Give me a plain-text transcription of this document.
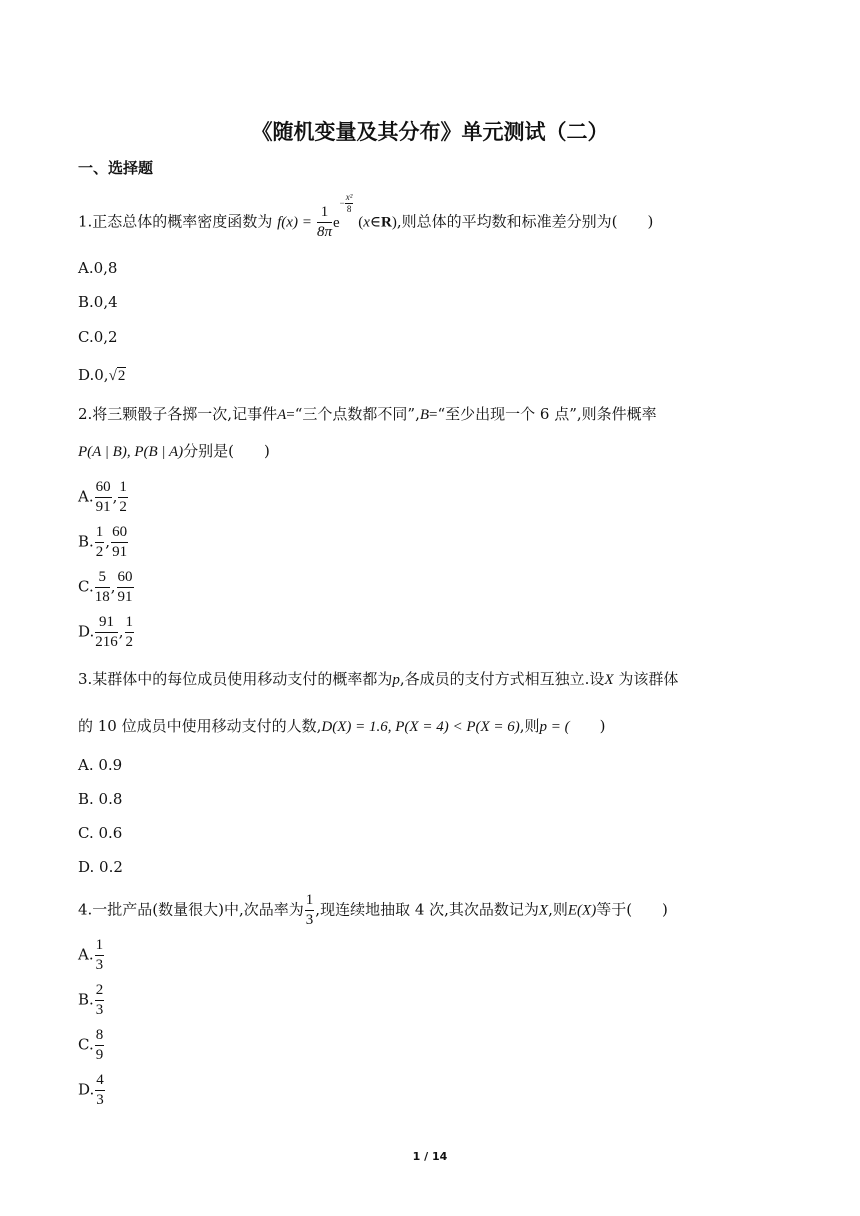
《随机变量及其分布》单元测试（二）
一、选择题
1.正态总体的概率密度函数为 $f(x) = \frac{1}{8\pi} e- \frac{\text{x²}}{8}$
(x∈R),则总体的平均数和标准差分别为(　　)
A.0,8
B.0,4
C.0,2
D.0,√2
2.将三颗骰子各掷一次,记事件A=“三个点数都不同”,B=“至少出现一个 6 点”,则条件概率
P(A | B), P(B | A)分别是(　　)
A. $\frac{60}{91}$ , $\frac{1}{2}$
B. $\frac{1}{2}$ , $\frac{60}{91}$
C. $\frac{5}{18}$ , $\frac{60}{91}$
D. $\frac{91}{216}$ , $\frac{1}{2}$
3.某群体中的每位成员使用移动支付的概率都为p,各成员的支付方式相互独立.设X 为该群体
的 10 位成员中使用移动支付的人数,D(X) = 1.6, P(X = 4) < P(X = 6),则p = (　　)
A. 0.9
B. 0.8
C. 0.6
D. 0.2
4.一批产品(数量很大)中,次品率为 $\frac{1}{3}$ ,现连续地抽取 4 次,其次品数记为X,则E(X)等于(　　)
A. $\frac{1}{3}$
B. $\frac{2}{3}$
C. $\frac{8}{9}$
D. $\frac{4}{3}$
1 / 14
